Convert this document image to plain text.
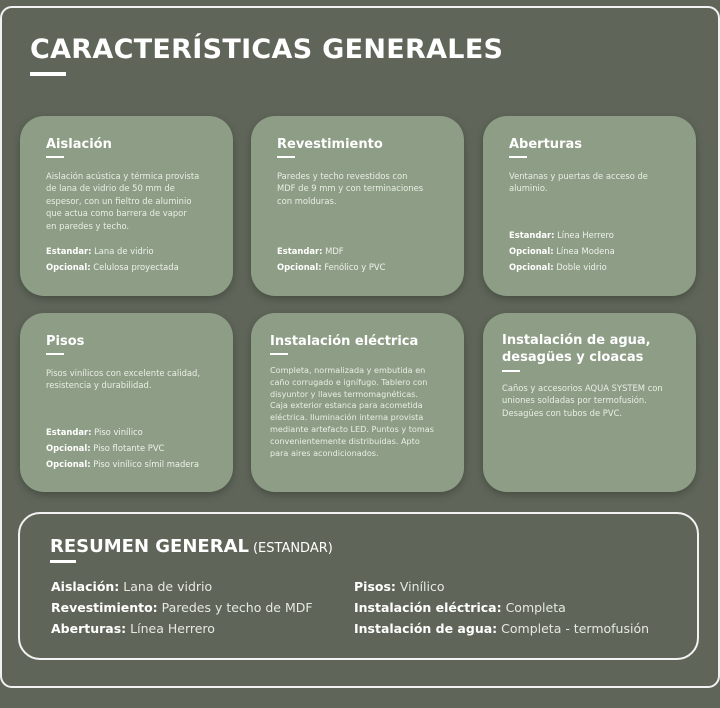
CARACTERÍSTICAS GENERALES
Aislación
Aislación acústica y térmica provista
de lana de vidrio de 50 mm de
espesor, con un fieltro de aluminio
que actua como barrera de vapor
en paredes y techo.
Estandar: Lana de vidrio
Opcional: Celulosa proyectada
Revestimiento
Paredes y techo revestidos con
MDF de 9 mm y con terminaciones
con molduras.
Estandar: MDF
Opcional: Fenólico y PVC
Aberturas
Ventanas y puertas de acceso de
aluminio.
Estandar: Línea Herrero
Opcional: Línea Modena
Opcional: Doble vidrio
Pisos
Pisos vinílicos con excelente calidad,
resistencia y durabilidad.
Estandar: Piso vinílico
Opcional: Piso flotante PVC
Opcional: Piso vinílico símil madera
Instalación eléctrica
Completa, normalizada y embutida en
caño corrugado e ignífugo. Tablero con
disyuntor y llaves termomagnéticas.
Caja exterior estanca para acometida
eléctrica. Iluminación interna provista
mediante artefacto LED. Puntos y tomas
convenientemente distribuidas. Apto
para aires acondicionados.
Instalación de agua,
desagües y cloacas
Caños y accesorios AQUA SYSTEM con
uniones soldadas por termofusión.
Desagües con tubos de PVC.
RESUMEN GENERAL (ESTANDAR)
Aislación: Lana de vidrio
Revestimiento: Paredes y techo de MDF
Aberturas: Línea Herrero
Pisos: Vinílico
Instalación eléctrica: Completa
Instalación de agua: Completa - termofusión
